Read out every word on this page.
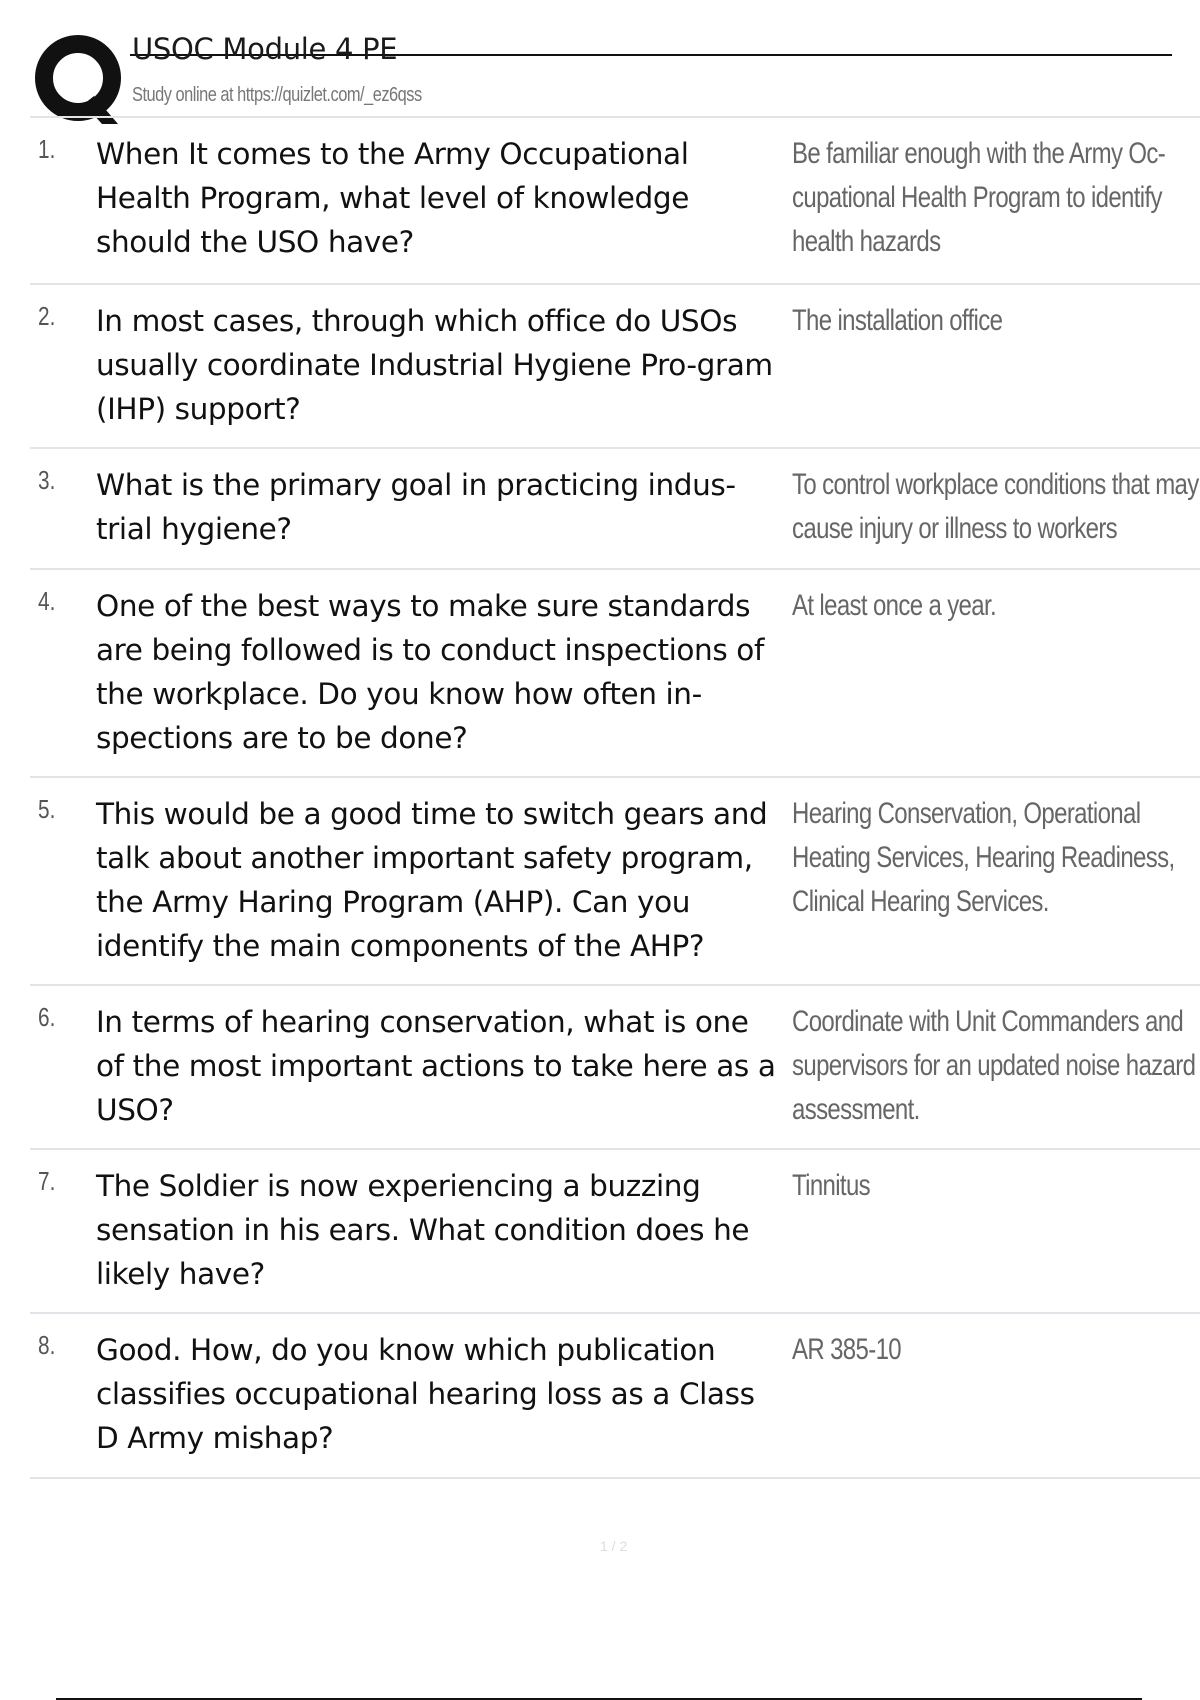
USOC Module 4 PE
Study online at https://quizlet.com/_ez6qss
1.	When It comes to the Army Occupational Health Program, what level of knowledge should the USO have?
Be familiar enough with the Army Oc-cupational Health Program to identify health hazards
2.	In most cases, through which office do USOs usually coordinate Industrial Hygiene Pro-gram (IHP) support?
The installation office
3.	What is the primary goal in practicing indus-trial hygiene?
To control workplace conditions that may cause injury or illness to workers
4.	One of the best ways to make sure standards are being followed is to conduct inspections of the workplace. Do you know how often in-spections are to be done?
At least once a year.
5.	This would be a good time to switch gears and talk about another important safety program, the Army Haring Program (AHP). Can you identify the main components of the AHP?
Hearing Conservation, Operational Heating Services, Hearing Readiness, Clinical Hearing Services.
6.	In terms of hearing conservation, what is one of the most important actions to take here as a USO?
Coordinate with Unit Commanders and supervisors for an updated noise hazard assessment.
7.	The Soldier is now experiencing a buzzing sensation in his ears. What condition does he likely have?
Tinnitus
8.	Good. How, do you know which publication classifies occupational hearing loss as a Class D Army mishap?
AR 385-10
1 / 2
